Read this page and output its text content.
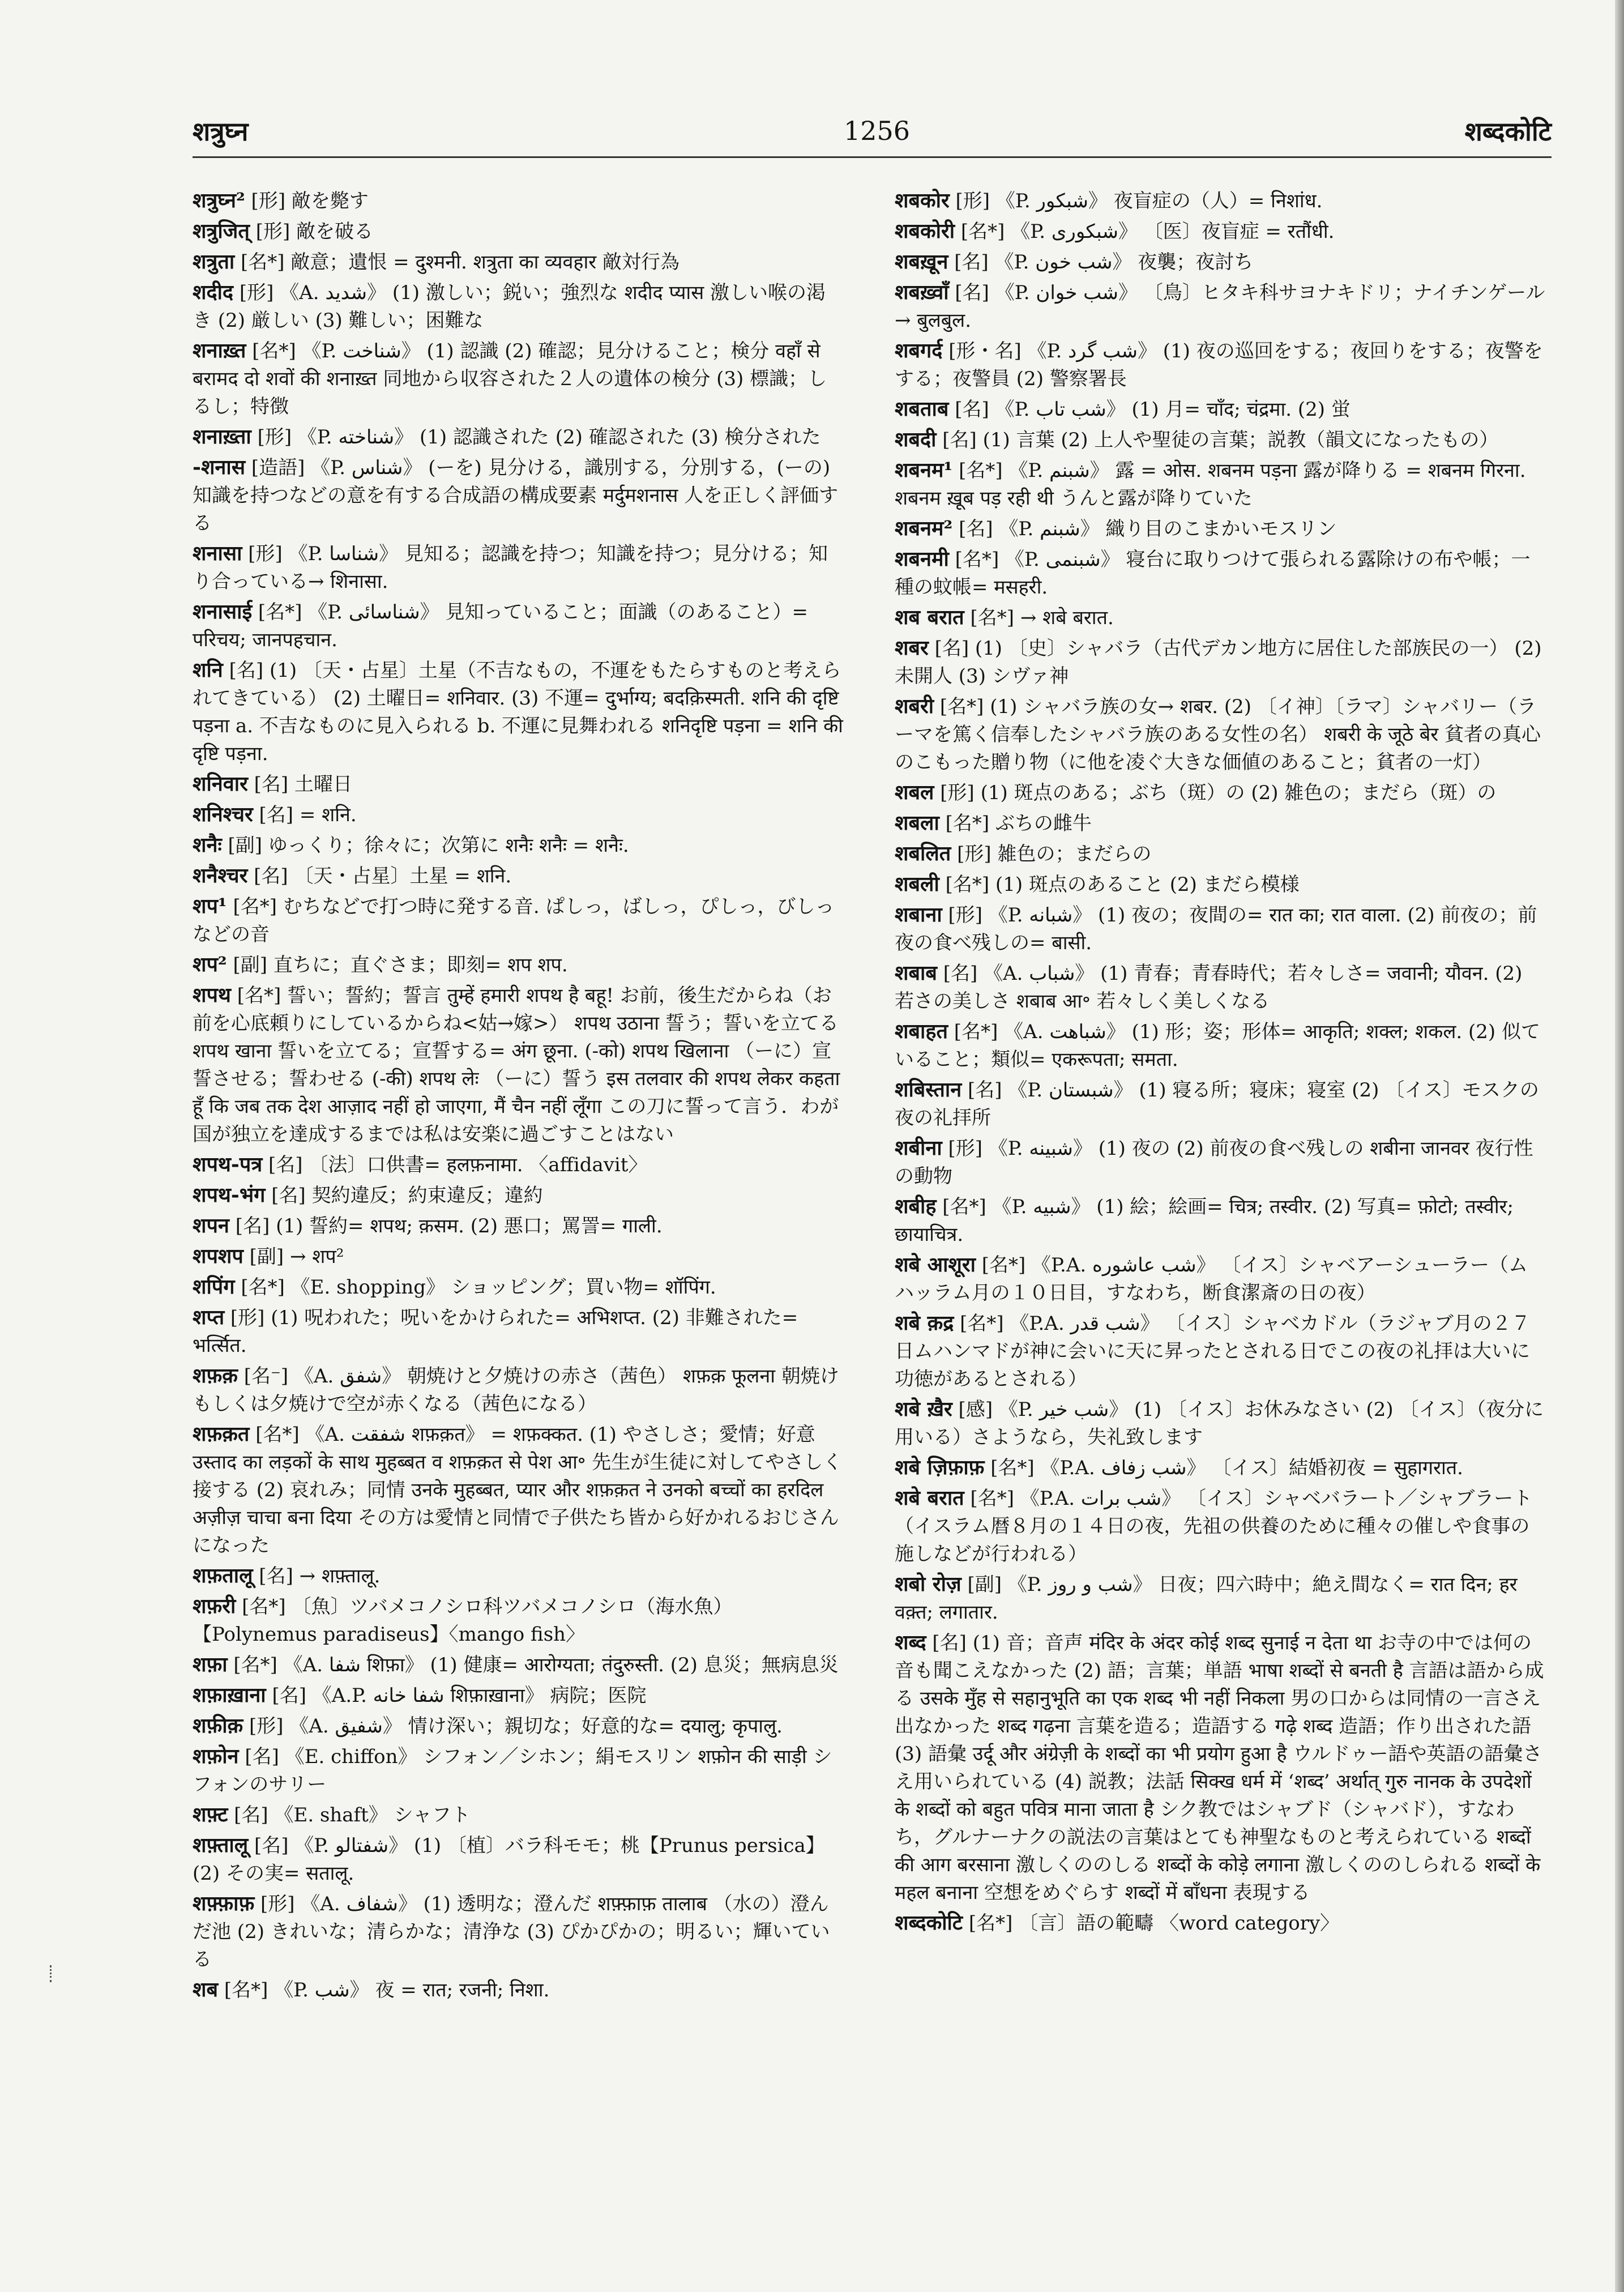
शत्रुघ्न	1256	शब्दकोटि

शत्रुघ्न² [形] 敵を斃す

शत्रुजित् [形] 敵を破る

शत्रुता [名*] 敵意；遺恨 = दुश्मनी. शत्रुता का व्यवहार 敵対行為

शदीद [形] 《A. شدید》 (1) 激しい；鋭い；強烈な शदीद प्यास 激しい喉の渇き (2) 厳しい (3) 難しい；困難な

शनाख़्त [名*] 《P. شناخت》 (1) 認識 (2) 確認；見分けること；検分 वहाँ से बरामद दो शवों की शनाख़्त 同地から収容された２人の遺体の検分 (3) 標識；しるし；特徴

शनाख़्ता [形] 《P. شناخته》 (1) 認識された (2) 確認された (3) 検分された

-शनास [造語] 《P. شناس》 (ーを) 見分ける，識別する，分別する，(ーの) 知識を持つなどの意を有する合成語の構成要素 मर्दुमशनास 人を正しく評価する

शनासा [形] 《P. شناسا》 見知る；認識を持つ；知識を持つ；見分ける；知り合っている→ शिनासा.

शनासाई [名*] 《P. شناسائی》 見知っていること；面識（のあること）= परिचय; जानपहचान.

शनि [名] (1) 〔天・占星〕土星（不吉なもの，不運をもたらすものと考えられてきている） (2) 土曜日= शनिवार. (3) 不運= दुर्भाग्य; बदक़िस्मती. शनि की दृष्टि पड़ना a. 不吉なものに見入られる b. 不運に見舞われる शनिदृष्टि पड़ना = शनि की दृष्टि पड़ना.

शनिवार [名] 土曜日

शनिश्चर [名] = शनि.

शनैः [副] ゆっくり；徐々に；次第に शनैः शनैः = शनैः.

शनैश्चर [名] 〔天・占星〕土星 = शनि.

शप¹ [名*] むちなどで打つ時に発する音. ぱしっ，ばしっ，ぴしっ，びしっなどの音

शप² [副] 直ちに；直ぐさま；即刻= शप शप.

शपथ [名*] 誓い；誓約；誓言 तुम्हें हमारी शपथ है बहू! お前，後生だからね（お前を心底頼りにしているからね<姑→嫁>） शपथ उठाना 誓う；誓いを立てる शपथ खाना 誓いを立てる；宣誓する= अंग छूना. (-को) शपथ खिलाना （ーに）宣誓させる；誓わせる (-की) शपथ लेः （ーに）誓う इस तलवार की शपथ लेकर कहता हूँ कि जब तक देश आज़ाद नहीं हो जाएगा, मैं चैन नहीं लूँगा この刀に誓って言う．わが国が独立を達成するまでは私は安楽に過ごすことはない

शपथ-पत्र [名] 〔法〕口供書= हलफ़नामा. 〈affidavit〉

शपथ-भंग [名] 契約違反；約束違反；違約

शपन [名] (1) 誓約= शपथ; क़सम. (2) 悪口；罵詈= गाली.

शपशप [副] → शप²

शपिंग [名*] 《E. shopping》 ショッピング；買い物= शॉपिंग.

शप्त [形] (1) 呪われた；呪いをかけられた= अभिशप्त. (2) 非難された= भर्त्सित.

शफ़क़ [名⁻] 《A. شفق》 朝焼けと夕焼けの赤さ（茜色） शफ़क़ फूलना 朝焼けもしくは夕焼けで空が赤くなる（茜色になる）

शफ़क़त [名*] 《A. شفقت शफ़क़त》 = शफ़क्कत. (1) やさしさ；愛情；好意 उस्ताद का लड़कों के साथ मुहब्बत व शफ़क़त से पेश आ॰ 先生が生徒に対してやさしく接する (2) 哀れみ；同情 उनके मुहब्बत, प्यार और शफ़क़त ने उनको बच्चों का हरदिल अज़ीज़ चाचा बना दिया その方は愛情と同情で子供たち皆から好かれるおじさんになった

शफ़तालू [名] → शफ़्तालू.

शफ़री [名*] 〔魚〕ツバメコノシロ科ツバメコノシロ（海水魚）【Polynemus paradiseus】〈mango fish〉

शफ़ा [名*] 《A. شفا शिफ़ा》 (1) 健康= आरोग्यता; तंदुरुस्ती. (2) 息災；無病息災

शफ़ाख़ाना [名] 《A.P. شفا خانه शिफ़ाख़ाना》 病院；医院

शफ़ीक़ [形] 《A. شفیق》 情け深い；親切な；好意的な= दयालु; कृपालु.

शफ़ोन [名] 《E. chiffon》 シフォン／シホン；絹モスリン शफ़ोन की साड़ी シフォンのサリー

शफ़्ट [名] 《E. shaft》 シャフト

शफ़्तालू [名] 《P. شفتالو》 (1) 〔植〕バラ科モモ；桃【Prunus persica】 (2) その実= सतालू.

शफ़्फ़ाफ़ [形] 《A. شفاف》 (1) 透明な；澄んだ शफ़्फ़ाफ़ तालाब （水の）澄んだ池 (2) きれいな；清らかな；清浄な (3) ぴかぴかの；明るい；輝いている

शब [名*] 《P. شب》 夜 = रात; रजनी; निशा.

शबकोर [形] 《P. شبکور》 夜盲症の（人）= निशांध.

शबकोरी [名*] 《P. شبکوری》 〔医〕夜盲症 = रतौंधी.

शबख़ून [名] 《P. شب خون》 夜襲；夜討ち

शबख़्वाँ [名] 《P. شب خوان》 〔鳥〕ヒタキ科サヨナキドリ；ナイチンゲール→ बुलबुल.

शबगर्द [形・名] 《P. شب گرد》 (1) 夜の巡回をする；夜回りをする；夜警をする；夜警員 (2) 警察署長

शबताब [名] 《P. شب تاب》 (1) 月= चाँद; चंद्रमा. (2) 蛍

शबदी [名] (1) 言葉 (2) 上人や聖徒の言葉；説教（韻文になったもの）

शबनम¹ [名*] 《P. شبنم》 露 = ओस. शबनम पड़ना 露が降りる = शबनम गिरना. शबनम ख़ूब पड़ रही थी うんと露が降りていた

शबनम² [名] 《P. شبنم》 織り目のこまかいモスリン

शबनमी [名*] 《P. شبنمی》 寝台に取りつけて張られる露除けの布や帳；一種の蚊帳= मसहरी.

शब बरात [名*] → शबे बरात.

शबर [名] (1) 〔史〕シャバラ（古代デカン地方に居住した部族民の一） (2) 未開人 (3) シヴァ神

शबरी [名*] (1) シャバラ族の女→ शबर. (2) 〔イ神〕〔ラマ〕シャバリー（ラーマを篤く信奉したシャバラ族のある女性の名） शबरी के जूठे बेर 貧者の真心のこもった贈り物（に他を凌ぐ大きな価値のあること；貧者の一灯）

शबल [形] (1) 斑点のある；ぶち（斑）の (2) 雑色の；まだら（斑）の

शबला [名*] ぶちの雌牛

शबलित [形] 雑色の；まだらの

शबली [名*] (1) 斑点のあること (2) まだら模様

शबाना [形] 《P. شبانه》 (1) 夜の；夜間の= रात का; रात वाला. (2) 前夜の；前夜の食べ残しの= बासी.

शबाब [名] 《A. شباب》 (1) 青春；青春時代；若々しさ= जवानी; यौवन. (2) 若さの美しさ शबाब आ॰ 若々しく美しくなる

शबाहत [名*] 《A. شباهت》 (1) 形；姿；形体= आकृति; शक्ल; शकल. (2) 似ていること；類似= एकरूपता; समता.

शबिस्तान [名] 《P. شبستان》 (1) 寝る所；寝床；寝室 (2) 〔イス〕モスクの夜の礼拝所

शबीना [形] 《P. شبینه》 (1) 夜の (2) 前夜の食べ残しの शबीना जानवर 夜行性の動物

शबीह [名*] 《P. شبیه》 (1) 絵；絵画= चित्र; तस्वीर. (2) 写真= फ़ोटो; तस्वीर; छायाचित्र.

शबे आशूरा [名*] 《P.A. شب عاشوره》 〔イス〕シャベアーシューラー（ムハッラム月の１０日目，すなわち，断食潔斎の日の夜）

शबे क़द्र [名*] 《P.A. شب قدر》 〔イス〕シャベカドル（ラジャブ月の２７日ムハンマドが神に会いに天に昇ったとされる日でこの夜の礼拝は大いに功徳があるとされる）

शबे ख़ैर [感] 《P. شب خیر》 (1) 〔イス〕お休みなさい (2) 〔イス〕（夜分に用いる）さようなら，失礼致します

शबे ज़िफ़ाफ़ [名*] 《P.A. شب زفاف》 〔イス〕結婚初夜 = सुहागरात.

शबे बरात [名*] 《P.A. شب برات》 〔イス〕シャベバラート／シャブラート（イスラム暦８月の１４日の夜，先祖の供養のために種々の催しや食事の施しなどが行われる）

शबो रोज़ [副] 《P. شب و روز》 日夜；四六時中；絶え間なく= रात दिन; हर वक़्त; लगातार.

शब्द [名] (1) 音；音声 मंदिर के अंदर कोई शब्द सुनाई न देता था お寺の中では何の音も聞こえなかった (2) 語；言葉；単語 भाषा शब्दों से बनती है 言語は語から成る उसके मुँह से सहानुभूति का एक शब्द भी नहीं निकला 男の口からは同情の一言さえ出なかった शब्द गढ़ना 言葉を造る；造語する गढ़े शब्द 造語；作り出された語 (3) 語彙 उर्दू और अंग्रेज़ी के शब्दों का भी प्रयोग हुआ है ウルドゥー語や英語の語彙さえ用いられている (4) 説教；法話 सिक्ख धर्म में ‘शब्द’ अर्थात् गुरु नानक के उपदेशों के शब्दों को बहुत पवित्र माना जाता है シク教ではシャブド（シャバド），すなわち，グルナーナクの説法の言葉はとても神聖なものと考えられている शब्दों की आग बरसाना 激しくののしる शब्दों के कोड़े लगाना 激しくののしられる शब्दों के महल बनाना 空想をめぐらす शब्दों में बाँधना 表現する

शब्दकोटि [名*] 〔言〕語の範疇 〈word category〉
